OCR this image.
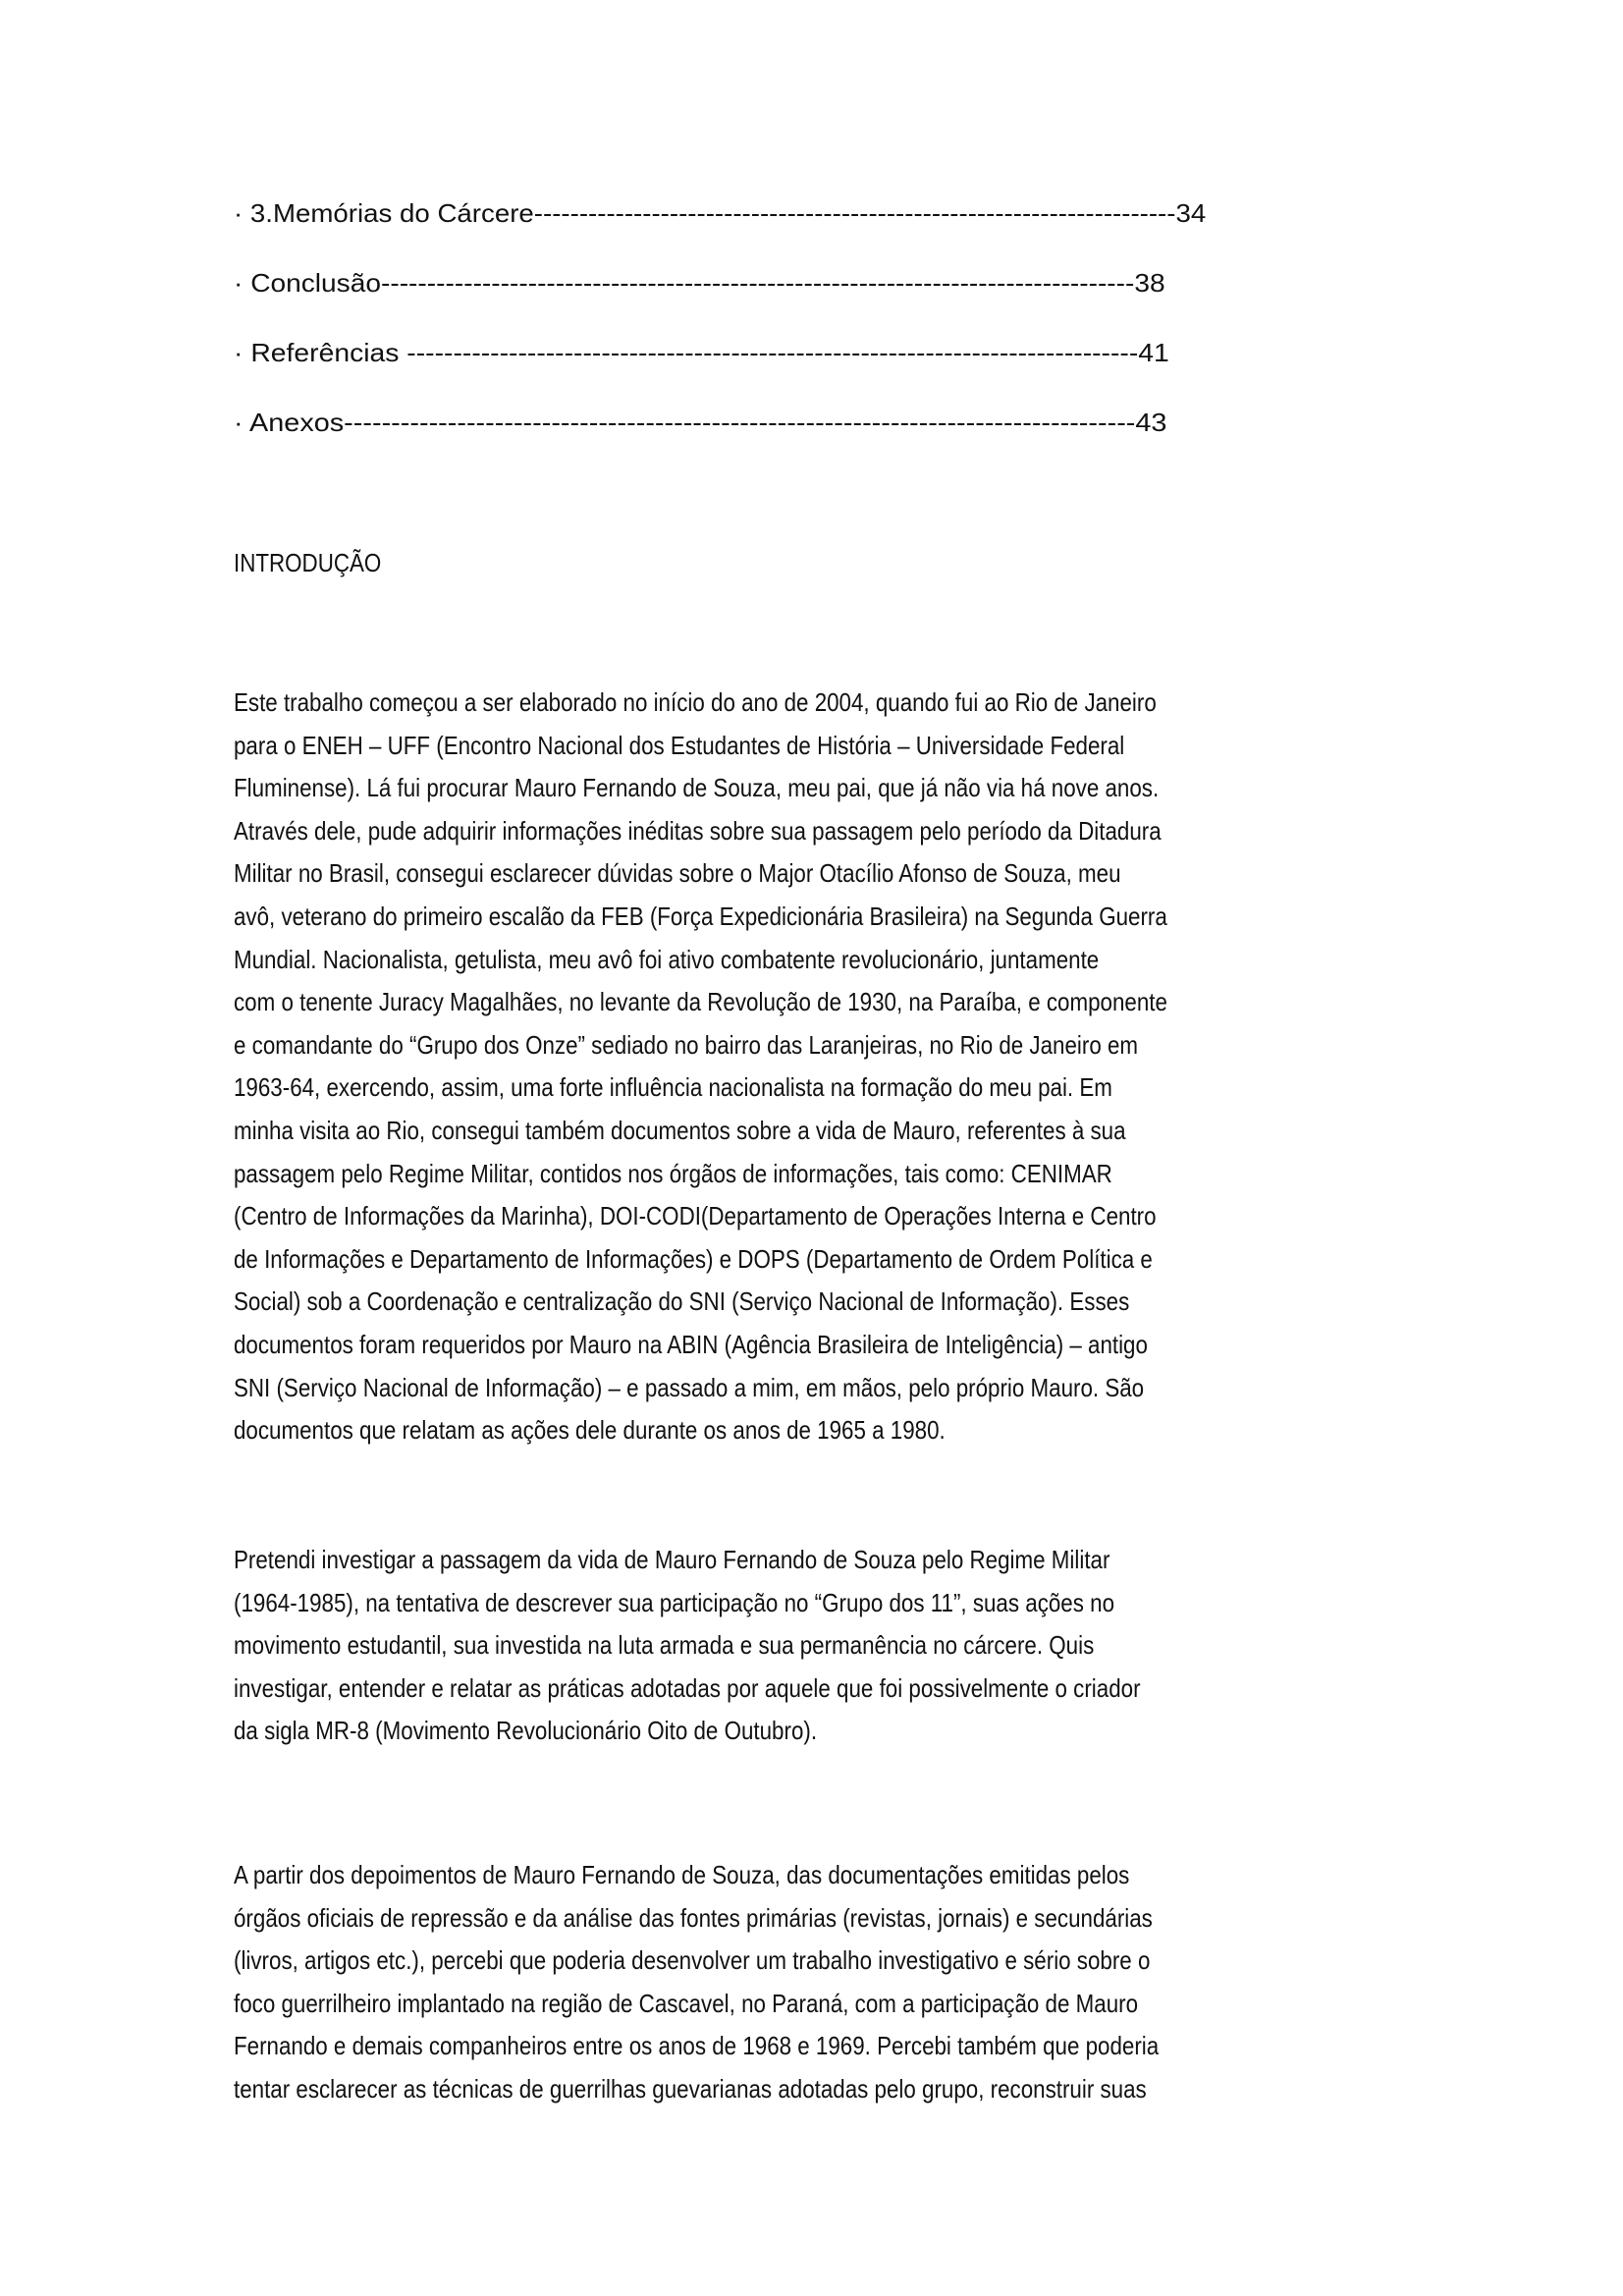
· 3.Memórias do Cárcere-----------------------------------------------------------------------34
· Conclusão----------------------------------------------------------------------------------38
· Referências -------------------------------------------------------------------------------41
· Anexos------------------------------------------------------------------------------------43
INTRODUÇÃO
Este trabalho começou a ser elaborado no início do ano de 2004, quando fui ao Rio de Janeiro
para o ENEH – UFF (Encontro Nacional dos Estudantes de História – Universidade Federal
Fluminense). Lá fui procurar Mauro Fernando de Souza, meu pai, que já não via há nove anos.
Através dele, pude adquirir informações inéditas sobre sua passagem pelo período da Ditadura
Militar no Brasil, consegui esclarecer dúvidas sobre o Major Otacílio Afonso de Souza, meu
avô, veterano do primeiro escalão da FEB (Força Expedicionária Brasileira) na Segunda Guerra
Mundial. Nacionalista, getulista, meu avô foi ativo combatente revolucionário, juntamente
com o tenente Juracy Magalhães, no levante da Revolução de 1930, na Paraíba, e componente
e comandante do “Grupo dos Onze” sediado no bairro das Laranjeiras, no Rio de Janeiro em
1963-64, exercendo, assim, uma forte influência nacionalista na formação do meu pai. Em
minha visita ao Rio, consegui também documentos sobre a vida de Mauro, referentes à sua
passagem pelo Regime Militar, contidos nos órgãos de informações, tais como: CENIMAR
(Centro de Informações da Marinha), DOI-CODI(Departamento de Operações Interna e Centro
de Informações e Departamento de Informações) e DOPS (Departamento de Ordem Política e
Social) sob a Coordenação e centralização do SNI (Serviço Nacional de Informação). Esses
documentos foram requeridos por Mauro na ABIN (Agência Brasileira de Inteligência) – antigo
SNI (Serviço Nacional de Informação) – e passado a mim, em mãos, pelo próprio Mauro. São
documentos que relatam as ações dele durante os anos de 1965 a 1980.
Pretendi investigar a passagem da vida de Mauro Fernando de Souza pelo Regime Militar
(1964-1985), na tentativa de descrever sua participação no “Grupo dos 11”, suas ações no
movimento estudantil, sua investida na luta armada e sua permanência no cárcere. Quis
investigar, entender e relatar as práticas adotadas por aquele que foi possivelmente o criador
da sigla MR-8 (Movimento Revolucionário Oito de Outubro).
A partir dos depoimentos de Mauro Fernando de Souza, das documentações emitidas pelos
órgãos oficiais de repressão e da análise das fontes primárias (revistas, jornais) e secundárias
(livros, artigos etc.), percebi que poderia desenvolver um trabalho investigativo e sério sobre o
foco guerrilheiro implantado na região de Cascavel, no Paraná, com a participação de Mauro
Fernando e demais companheiros entre os anos de 1968 e 1969. Percebi também que poderia
tentar esclarecer as técnicas de guerrilhas guevarianas adotadas pelo grupo, reconstruir suas
